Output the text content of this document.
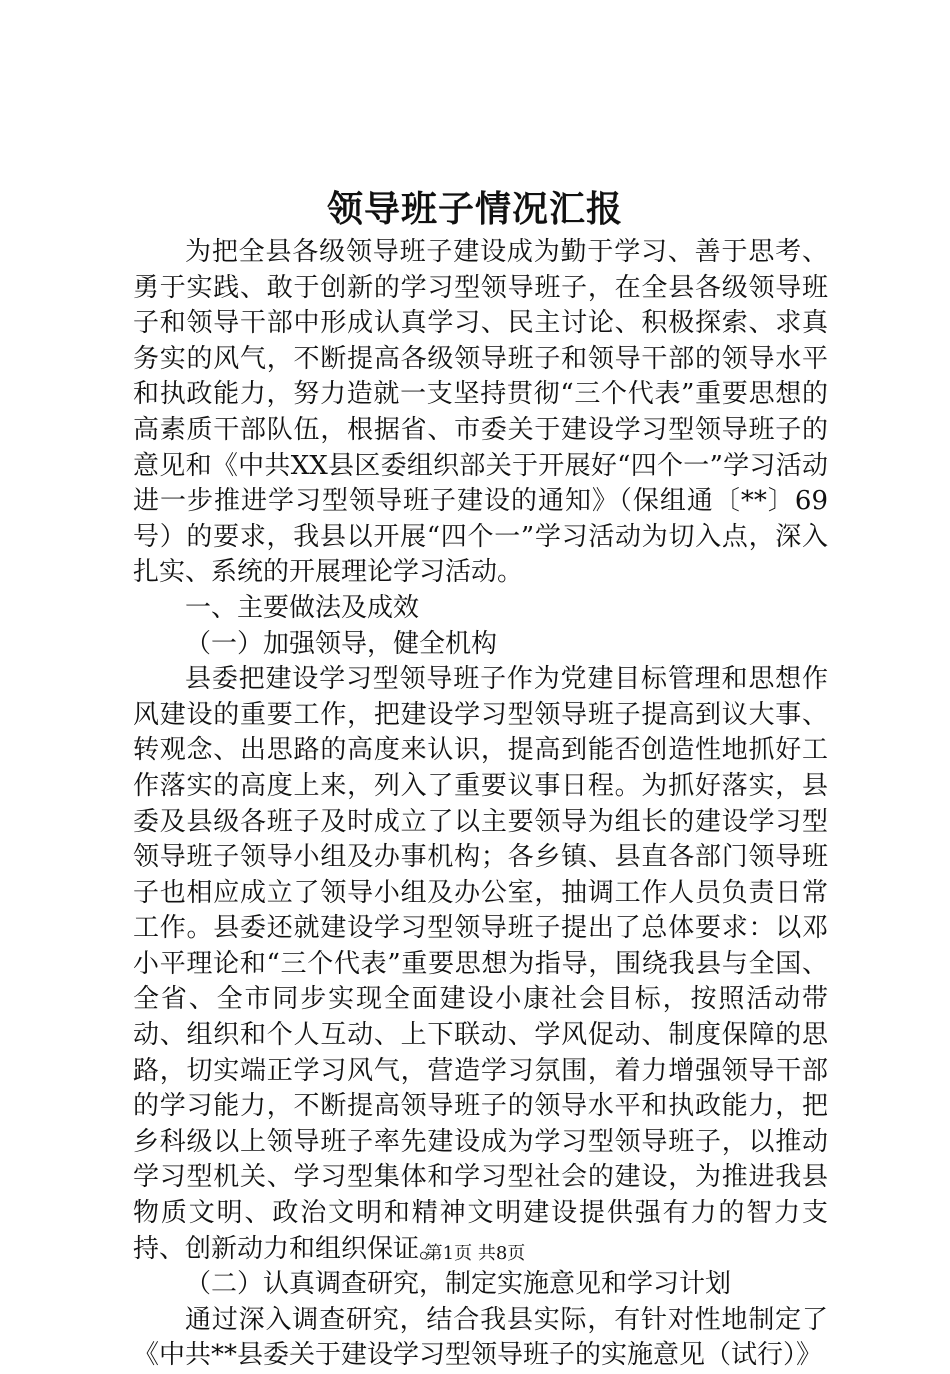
领导班子情况汇报

为把全县各级领导班子建设成为勤于学习、善于思考、勇于实践、敢于创新的学习型领导班子，在全县各级领导班子和领导干部中形成认真学习、民主讨论、积极探索、求真务实的风气，不断提高各级领导班子和领导干部的领导水平和执政能力，努力造就一支坚持贯彻“三个代表”重要思想的高素质干部队伍，根据省、市委关于建设学习型领导班子的意见和《中共XX县区委组织部关于开展好“四个一”学习活动进一步推进学习型领导班子建设的通知》（保组通〔**〕69号）的要求，我县以开展“四个一”学习活动为切入点，深入扎实、系统的开展理论学习活动。

一、主要做法及成效

（一）加强领导，健全机构

县委把建设学习型领导班子作为党建目标管理和思想作风建设的重要工作，把建设学习型领导班子提高到议大事、转观念、出思路的高度来认识，提高到能否创造性地抓好工作落实的高度上来，列入了重要议事日程。为抓好落实，县委及县级各班子及时成立了以主要领导为组长的建设学习型领导班子领导小组及办事机构；各乡镇、县直各部门领导班子也相应成立了领导小组及办公室，抽调工作人员负责日常工作。县委还就建设学习型领导班子提出了总体要求：以邓小平理论和“三个代表”重要思想为指导，围绕我县与全国、全省、全市同步实现全面建设小康社会目标，按照活动带动、组织和个人互动、上下联动、学风促动、制度保障的思路，切实端正学习风气，营造学习氛围，着力增强领导干部的学习能力，不断提高领导班子的领导水平和执政能力，把乡科级以上领导班子率先建设成为学习型领导班子，以推动学习型机关、学习型集体和学习型社会的建设，为推进我县物质文明、政治文明和精神文明建设提供强有力的智力支持、创新动力和组织保证。

（二）认真调查研究，制定实施意见和学习计划

通过深入调查研究，结合我县实际，有针对性地制定了《中共**县委关于建设学习型领导班子的实施意见（试行）》

第1页 共8页
